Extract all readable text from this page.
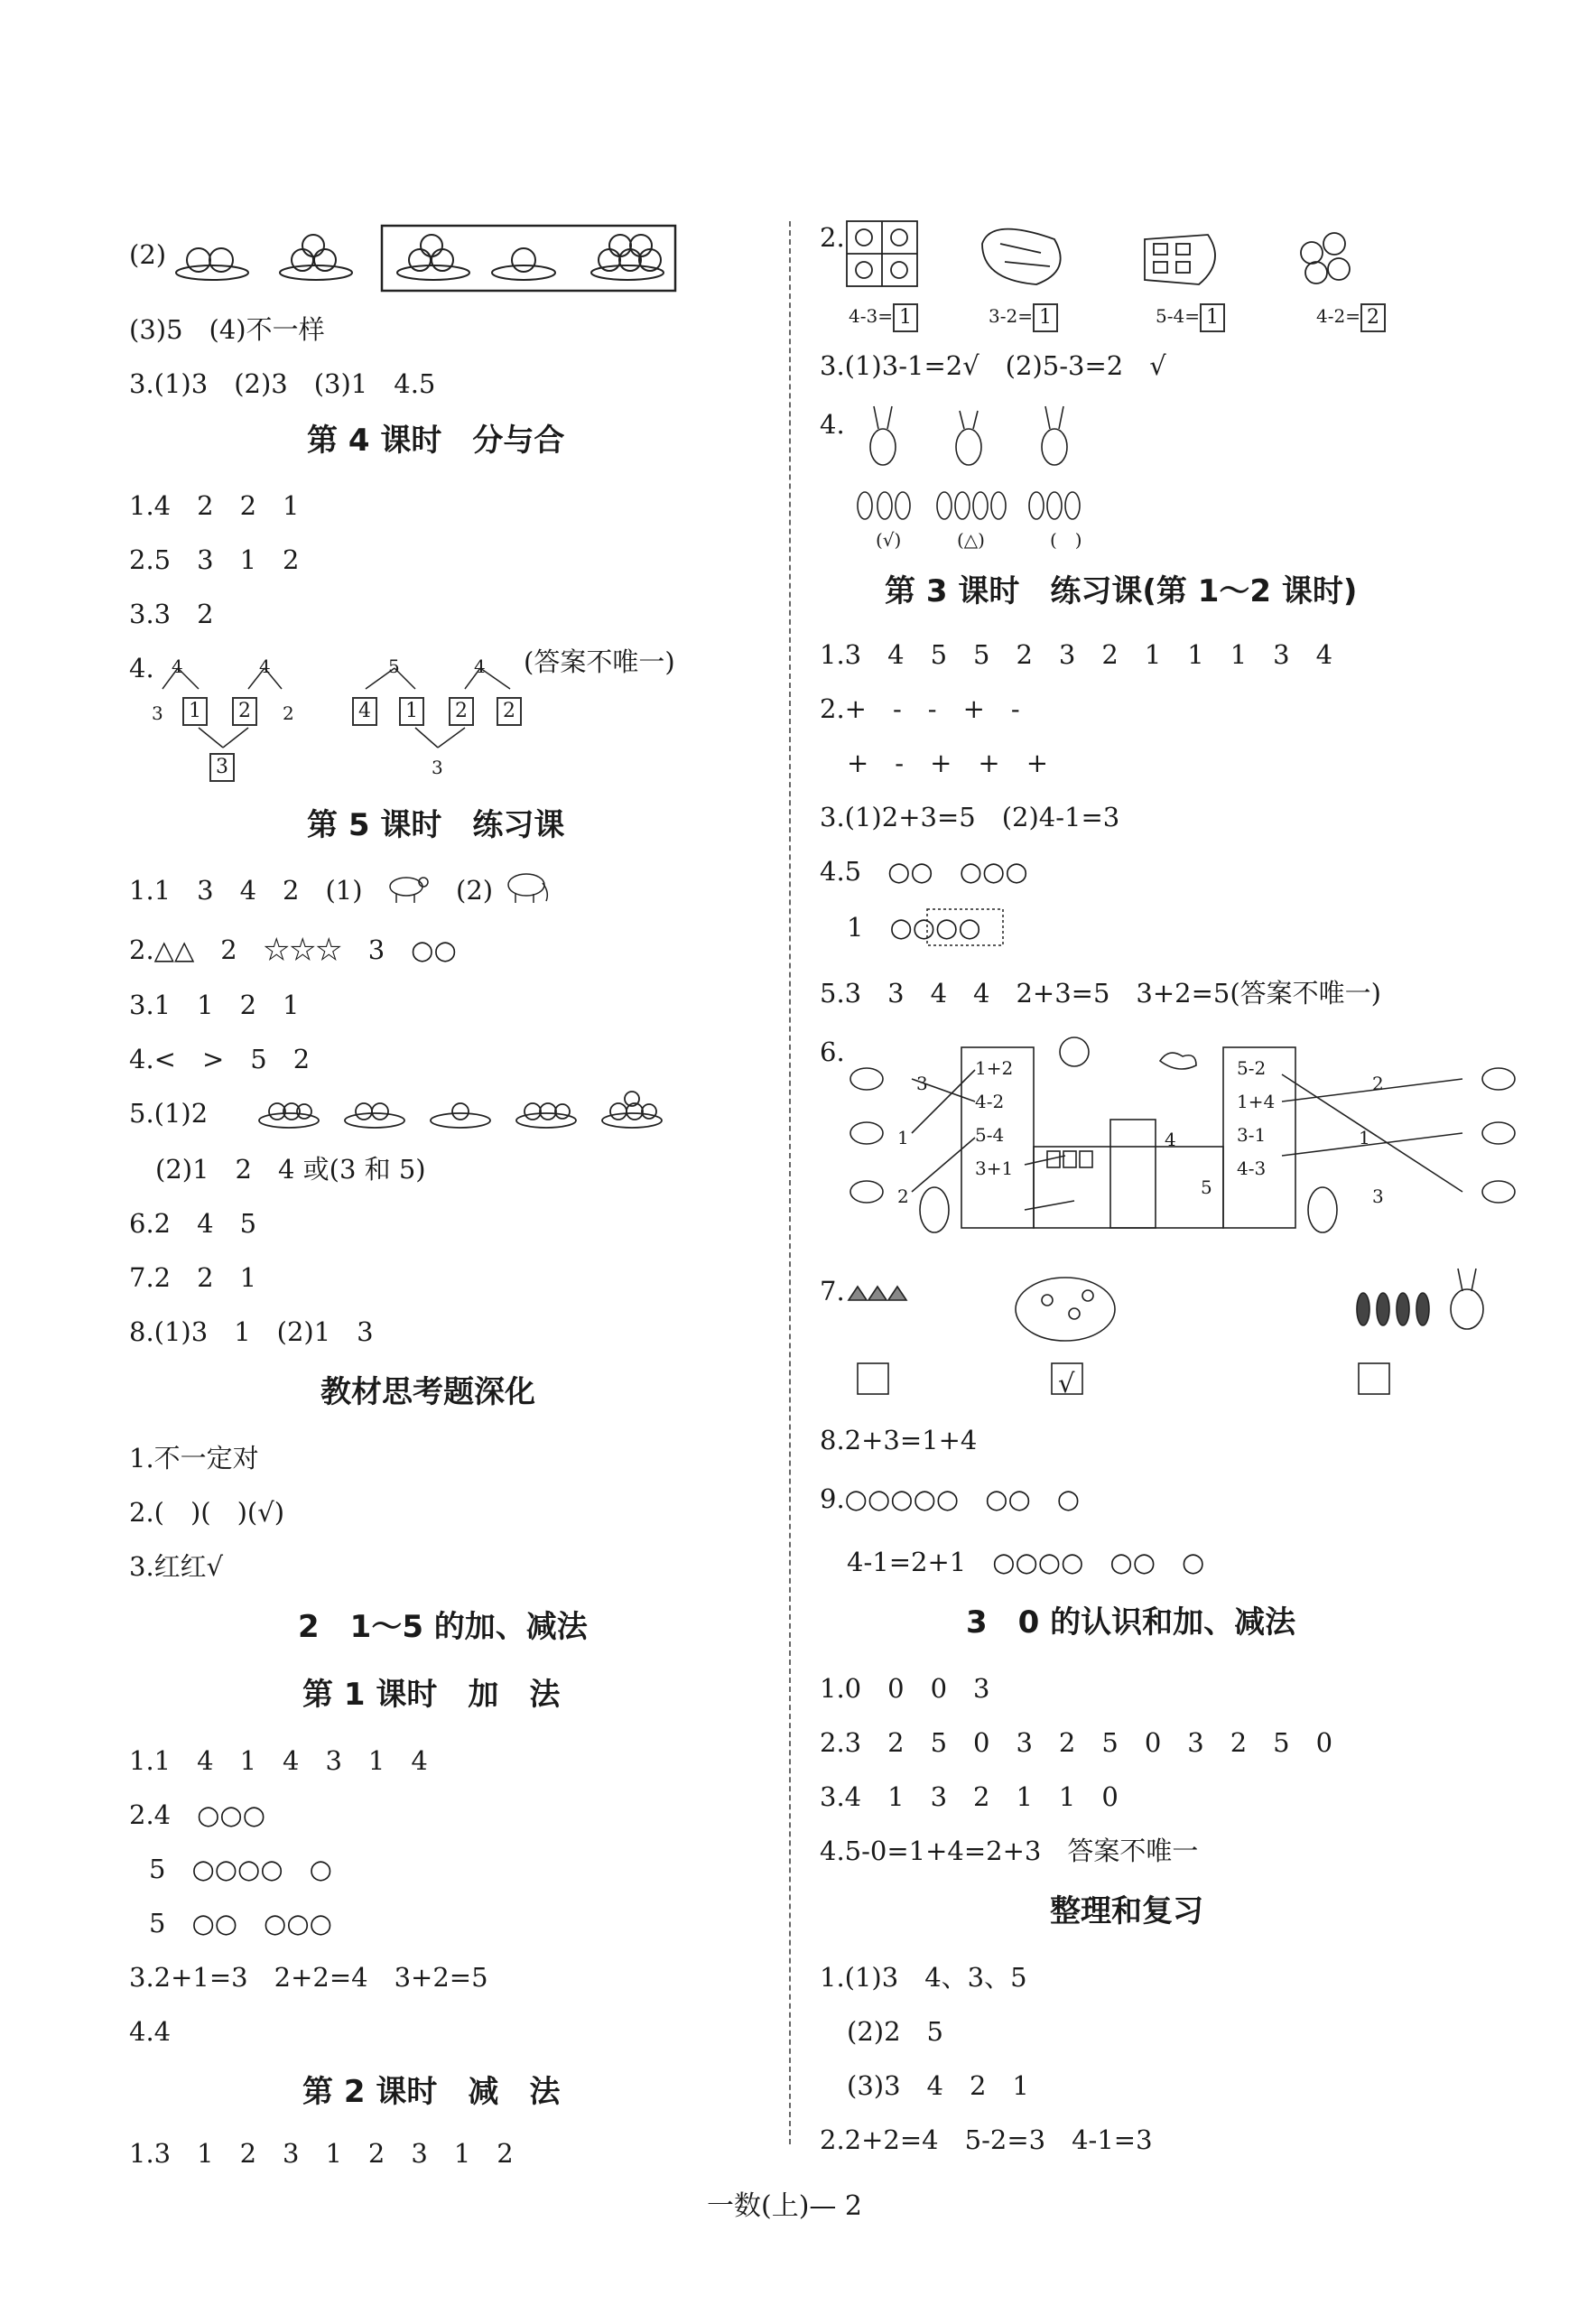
(2)
(3)5　(4)不一样
3.(1)3　(2)3　(3)1　4.5
第 4 课时　分与合
1.4　2　2　1
2.5　3　1　2
3.3　2
4.	(答案不唯一)
4	4
3	1	2	2
3
5	4
4	1	2	2
3
第 5 课时　练习课
1.1　3　4　2　(1)	(2)
2.△△　2　☆☆☆　3　○○
3.1　1　2　1
4.<　>　5　2
5.(1)2
(2)1　2　4 或(3 和 5)
6.2　4　5
7.2　2　1
8.(1)3　1　(2)1　3
教材思考题深化
1.不一定对
2.(　)(　)(√)
3.红红√
2　1～5 的加、减法
第 1 课时　加　法
1.1　4　1　4　3　1　4
2.4　○○○
5　○○○○　○
5　○○　○○○
3.2+1=3　2+2=4　3+2=5
4.4
第 2 课时　减　法
1.3　1　2　3　1　2　3　1　2
2.
4-3= 1	3-2= 1	5-4= 1	4-2= 2
3.(1)3-1=2√　(2)5-3=2　√
4.
(√)	(△)	(　)
第 3 课时　练习课(第 1～2 课时)
1.3　4　5　5　2　3　2　1　1　1　3　4
2.+　-　-　+　-
+　-　+　+　+
3.(1)2+3=5　(2)4-1=3
4.5　○○　○○○
1　○○○○
5.3　3　4　4　2+3=5　3+2=5(答案不唯一)
6.
1+2
4-2
5-4
3+1
5-2
1+4
3-1
4-3
3
1
2
2
1
3
4
5
7.
√
8.2+3=1+4
9.○○○○○　○○　○
4-1=2+1　○○○○　○○　○
3　0 的认识和加、减法
1.0　0　0　3
2.3　2　5　0　3　2　5　0　3　2　5　0
3.4　1　3　2　1　1　0
4.5-0=1+4=2+3　答案不唯一
整理和复习
1.(1)3　4、3、5
(2)2　5
(3)3　4　2　1
2.2+2=4　5-2=3　4-1=3
一数(上)— 2
